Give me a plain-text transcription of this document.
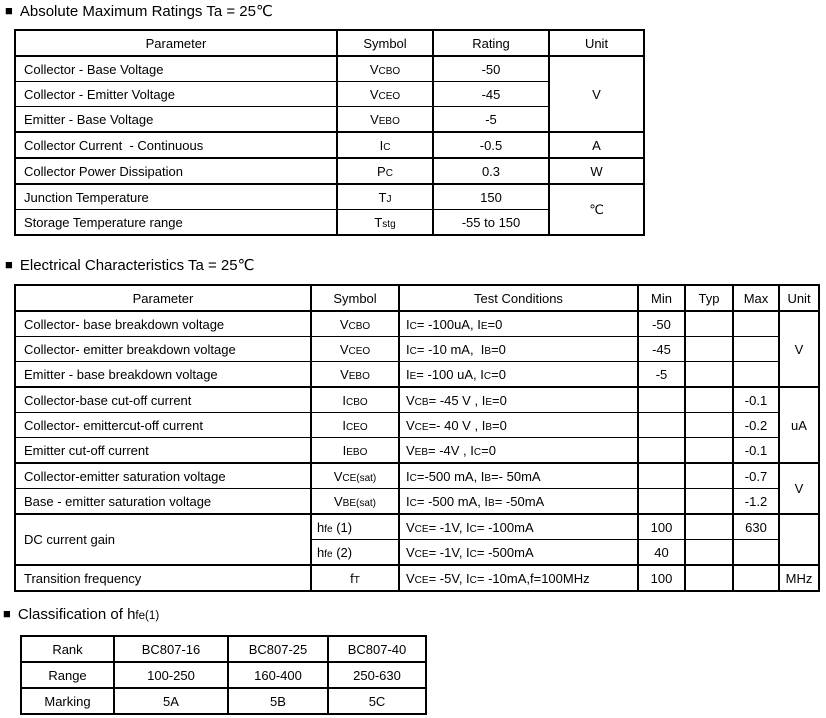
■ Absolute Maximum Ratings Ta = 25℃
Parameter	Symbol	Rating	Unit
Collector - Base Voltage	VCBO	-50	V
Collector - Emitter Voltage	VCEO	-45	
Emitter - Base Voltage	VEBO	-5	
Collector Current  - Continuous	IC	-0.5	A
Collector Power Dissipation	PC	0.3	W
Junction Temperature	TJ	150	℃
Storage Temperature range	Tstg	-55 to 150	
■ Electrical Characteristics Ta = 25℃
Parameter	Symbol	Test Conditions	Min	Typ	Max	Unit
Collector- base breakdown voltage	VCBO	IC= -100uA, IE=0	-50			V
Collector- emitter breakdown voltage	VCEO	IC= -10 mA,  IB=0	-45			
Emitter - base breakdown voltage	VEBO	IE= -100 uA, IC=0	-5			
Collector-base cut-off current	ICBO	VCB= -45 V , IE=0			-0.1	uA
Collector- emittercut-off current	ICEO	VCE=- 40 V , IB=0			-0.2	
Emitter cut-off current	IEBO	VEB= -4V , IC=0			-0.1	
Collector-emitter saturation voltage	VCE(sat)	IC=-500 mA, IB=- 50mA			-0.7	V
Base - emitter saturation voltage	VBE(sat)	IC= -500 mA, IB= -50mA			-1.2	
DC current gain	hfe (1)	VCE= -1V, IC= -100mA	100		630	
	hfe (2)	VCE= -1V, IC= -500mA	40			
Transition frequency	fT	VCE= -5V, IC= -10mA,f=100MHz	100			MHz
■ Classification of hfe(1)
Rank	BC807-16	BC807-25	BC807-40
Range	100-250	160-400	250-630
Marking	5A	5B	5C
